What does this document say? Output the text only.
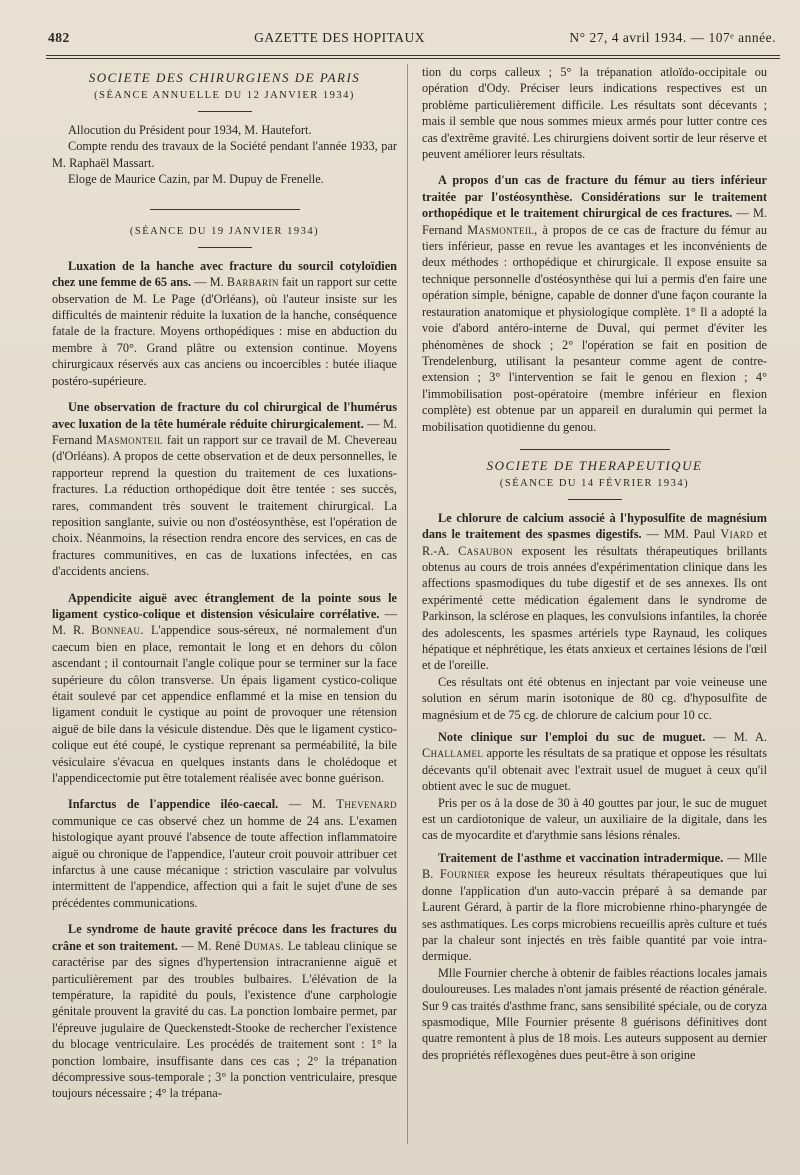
482	GAZETTE DES HOPITAUX	N° 27, 4 avril 1934. — 107ᵉ année.

SOCIETE DES CHIRURGIENS DE PARIS

(SÉANCE ANNUELLE DU 12 JANVIER 1934)

Allocution du Président pour 1934, M. Hautefort.

Compte rendu des travaux de la Société pendant l'année 1933, par M. Raphaël Massart.

Eloge de Maurice Cazin, par M. Dupuy de Frenelle.

(SÉANCE DU 19 JANVIER 1934)

Luxation de la hanche avec fracture du sourcil cotyloïdien chez une femme de 65 ans. — M. Barbarin fait un rapport sur cette observation de M. Le Page (d'Orléans), où l'auteur insiste sur les difficultés de maintenir réduite la luxation de la hanche, conséquence fatale de la fracture. Moyens orthopédiques : mise en abduction du membre à 70°. Grand plâtre ou extension continue. Moyens chirurgicaux réservés aux cas anciens ou incoercibles : butée iliaque postéro-supérieure.

Une observation de fracture du col chirurgical de l'humérus avec luxation de la tête humérale réduite chirurgicalement. — M. Fernand Masmonteil fait un rapport sur ce travail de M. Chevereau (d'Orléans). A propos de cette observation et de deux personnelles, le rapporteur reprend la question du traitement de ces luxations-fractures. La réduction orthopédique doit être tentée : ses succès, rares, commandent très souvent le traitement chirurgical. La reposition sanglante, suivie ou non d'ostéosynthèse, est l'opération de choix. Néanmoins, la résection rendra encore des services, en cas de fractures communitives, en cas de luxations infectées, en cas d'accidents anciens.

Appendicite aiguë avec étranglement de la pointe sous le ligament cystico-colique et distension vésiculaire corrélative. — M. R. Bonneau. L'appendice sous-séreux, né normalement d'un caecum bien en place, remontait le long et en dehors du côlon ascendant ; il contournait l'angle colique pour se terminer sur la face supérieure du côlon transverse. Un épais ligament cystico-colique était soulevé par cet appendice enflammé et la mise en tension du ligament conduit le cystique au point de provoquer une rétension aiguë de bile dans la vésicule distendue. Dès que le ligament cystico-colique eut été coupé, le cystique reprenant sa perméabilité, la bile vésiculaire s'évacua en quelques instants dans le cholédoque et l'appendicectomie put être totalement réalisée avec bonne guérison.

Infarctus de l'appendice iléo-caecal. — M. Thevenard communique ce cas observé chez un homme de 24 ans. L'examen histologique ayant prouvé l'absence de toute affection inflammatoire aiguë ou chronique de l'appendice, l'auteur croit pouvoir attribuer cet infarctus à une cause mécanique : striction vasculaire par volvulus intermittent de l'appendice, affection qui a fait le sujet d'une de ses précédentes communications.

Le syndrome de haute gravité précoce dans les fractures du crâne et son traitement. — M. René Dumas. Le tableau clinique se caractérise par des signes d'hypertension intracranienne aiguë et particulièrement par des troubles bulbaires. L'élévation de la température, la rapidité du pouls, l'existence d'une carphologie génitale prouvent la gravité du cas. La ponction lombaire permet, par l'épreuve jugulaire de Queckenstedt-Stooke de rechercher l'existence du blocage ventriculaire. Les procédés de traitement sont : 1° la ponction lombaire, insuffisante dans ces cas ; 2° la trépanation décompressive sous-temporale ; 3° la ponction ventriculaire, presque toujours nécessaire ; 4° la trépana-

tion du corps calleux ; 5° la trépanation atloïdo-occipitale ou opération d'Ody. Préciser leurs indications respectives est un problème particulièrement difficile. Les résultats sont décevants ; mais il semble que nous sommes mieux armés pour lutter contre ces cas d'extrême gravité. Les chirurgiens doivent sortir de leur réserve et peuvent améliorer leurs résultats.

A propos d'un cas de fracture du fémur au tiers inférieur traitée par l'ostéosynthèse. Considérations sur le traitement orthopédique et le traitement chirurgical de ces fractures. — M. Fernand Masmonteil, à propos de ce cas de fracture du fémur au tiers inférieur, passe en revue les avantages et les inconvénients de deux méthodes : orthopédique et chirurgicale. Il expose ensuite sa technique personnelle d'ostéosynthèse qui lui a permis d'en faire une opération simple, bénigne, capable de donner d'une façon courante la restauration anatomique et physiologique complète. 1° Il a adopté la voie d'abord antéro-interne de Duval, qui permet d'éviter les phénomènes de shock ; 2° l'opération se fait en position de Trendelenburg, utilisant la pesanteur comme agent de contre-extension ; 3° l'intervention se fait le genou en flexion ; 4° l'immobilisation post-opératoire (membre inférieur en flexion complète) est obtenue par un appareil en duralumin qui permet la mobilisation quotidienne du genou.

SOCIETE DE THERAPEUTIQUE

(SÉANCE DU 14 FÉVRIER 1934)

Le chlorure de calcium associé à l'hyposulfite de magnésium dans le traitement des spasmes digestifs. — MM. Paul Viard et R.-A. Casaubon exposent les résultats thérapeutiques brillants obtenus au cours de trois années d'expérimentation clinique dans les affections spasmodiques du tube digestif et de ses annexes. Ils ont expérimenté cette médication également dans le syndrome de Parkinson, la sclérose en plaques, les convulsions infantiles, la chorée des adolescents, les spasmes artériels type Raynaud, les coliques hépatique et néphrétique, les états anxieux et certaines lésions de l'œil et de l'oreille.

Ces résultats ont été obtenus en injectant par voie veineuse une solution en sérum marin isotonique de 80 cg. d'hyposulfite de magnésium et de 75 cg. de chlorure de calcium pour 10 cc.

Note clinique sur l'emploi du suc de muguet. — M. A. Challamel apporte les résultats de sa pratique et oppose les résultats décevants qu'il obtenait avec l'extrait usuel de muguet à ceux qu'il obtient avec le suc de muguet.

Pris per os à la dose de 30 à 40 gouttes par jour, le suc de muguet est un cardiotonique de valeur, un auxiliaire de la digitale, dans les cas de myocardite et d'arythmie sans lésions rénales.

Traitement de l'asthme et vaccination intradermique. — Mlle B. Fournier expose les heureux résultats thérapeutiques que lui donne l'application d'un auto-vaccin préparé à sa demande par Laurent Gérard, à partir de la flore microbienne rhino-pharyngée de ses asthmatiques. Les corps microbiens recueillis après culture et tués par la chaleur sont injectés en très faible quantité par voie intra-dermique.

Mlle Fournier cherche à obtenir de faibles réactions locales jamais douloureuses. Les malades n'ont jamais présenté de réaction générale. Sur 9 cas traités d'asthme franc, sans sensibilité spéciale, ou de coryza spasmodique, Mlle Fournier présente 8 guérisons définitives dont quatre remontent à plus de 18 mois. Les auteurs supposent au dernier des propriétés réflexogènes dues peut-être à son origine
